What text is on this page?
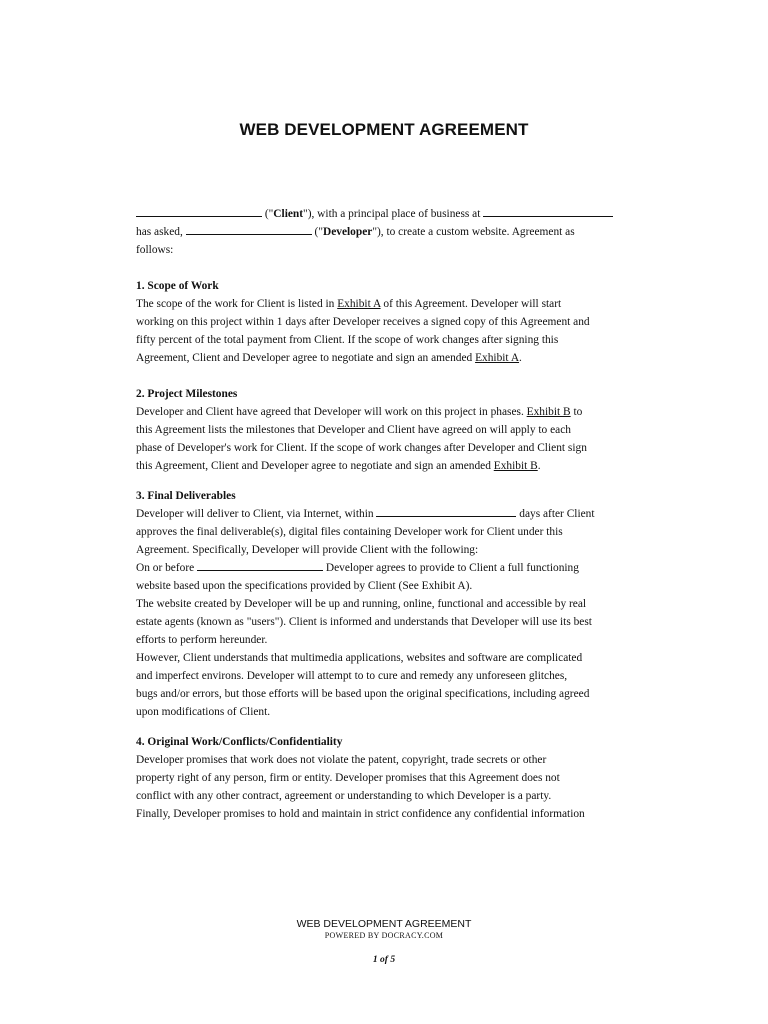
WEB DEVELOPMENT AGREEMENT

("Client"), with a principal place of business at

has asked,	("Developer"), to create a custom website. Agreement as

follows:

1. Scope of Work

The scope of the work for Client is listed in Exhibit A of this Agreement. Developer will start

working on this project within 1 days after Developer receives a signed copy of this Agreement and

fifty percent of the total payment from Client. If the scope of work changes after signing this

Agreement, Client and Developer agree to negotiate and sign an amended Exhibit A.

2. Project Milestones

Developer and Client have agreed that Developer will work on this project in phases. Exhibit B to

this Agreement lists the milestones that Developer and Client have agreed on will apply to each

phase of Developer's work for Client. If the scope of work changes after Developer and Client sign

this Agreement, Client and Developer agree to negotiate and sign an amended Exhibit B.

3. Final Deliverables

Developer will deliver to Client, via Internet, within	days after Client

approves the final deliverable(s), digital files containing Developer work for Client under this

Agreement. Specifically, Developer will provide Client with the following:

On or before	Developer agrees to provide to Client a full functioning

website based upon the specifications provided by Client (See Exhibit A).

The website created by Developer will be up and running, online, functional and accessible by real

estate agents (known as "users"). Client is informed and understands that Developer will use its best

efforts to perform hereunder.

However, Client understands that multimedia applications, websites and software are complicated

and imperfect environs. Developer will attempt to to cure and remedy any unforeseen glitches,

bugs and/or errors, but those efforts will be based upon the original specifications, including agreed

upon modifications of Client.

4. Original Work/Conflicts/Confidentiality

Developer promises that work does not violate the patent, copyright, trade secrets or other

property right of any person, firm or entity. Developer promises that this Agreement does not

conflict with any other contract, agreement or understanding to which Developer is a party.

Finally, Developer promises to hold and maintain in strict confidence any confidential information

WEB DEVELOPMENT AGREEMENT
POWERED BY DOCRACY.COM
1 of 5
